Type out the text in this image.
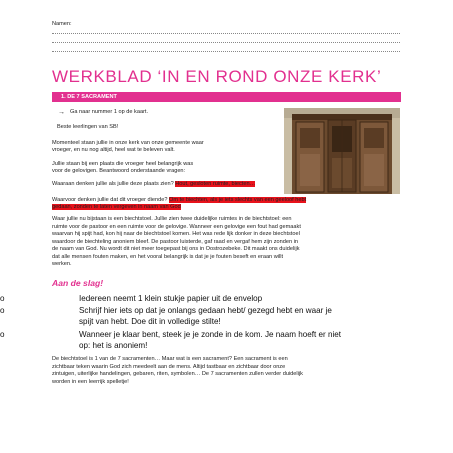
Namen:
WERKBLAD ‘IN EN ROND ONZE KERK’
1. DE 7 SACRAMENT
→ Ga naar nummer 1 op de kaart.
Beste leerlingen van SB!
Momenteel staan jullie in onze kerk van onze gemeente waar
vroeger, en nu nog altijd, heel wat te beleven valt.
Jullie staan bij een plaats die vroeger heel belangrijk was
voor de gelovigen. Beantwoord onderstaande vragen:
Waaraan denken jullie als jullie deze plaats zien? Hout, gesloten ruimte, biecten…
Waarvoor denken jullie dat dit vroeger diende? Om te biechten, als je iets slechts van een geeloof hebt
gedaan, zonden te laten vergeven in naam van God
Waar jullie nu bijstaan is een biechtstoel. Jullie zien twee duidelijke ruimtes in de biechtstoel: een
ruimte voor de pastoor en een ruimte voor de gelovige. Wanneer een gelovige een fout had gemaakt
waarvan hij spijt had, kon hij naar de biechtstoel komen. Het was rede lijk donker in deze biechtstoel
waardoor de biechteling anoniem bleef. De pastoor luisterde, gaf raad en vergaf hem zijn zonden in
de naam van God. Nu wordt dit niet meer toegepast bij ons in Oostrozebeke. Dit maakt ons duidelijk
dat alle mensen fouten maken, en het vooral belangrijk is dat je je fouten beseft en eraan willt
werken.
Aan de slag!
o	Iedereen neemt 1 klein stukje papier uit de envelop
o	Schrijf hier iets op dat je onlangs gedaan hebt/ gezegd hebt en waar je
spijt van hebt. Doe dit in volledige stilte!
o	Wanneer je klaar bent, steek je je zonde in de kom. Je naam hoeft er niet
op: het is anoniem!
De biechtstoel is 1 van de 7 sacramenten… Maar wat is een sacrament? Een sacrament is een
zichtbaar teken waarin God zich meedeelt aan de mens. Altijd tastbaar en zichtbaar door onze
zintuigen, uiterlijke handelingen, gebaren, riten, symbolen… De 7 sacramenten zullen verder duidelijk
worden in een leerrijk spelletje!
